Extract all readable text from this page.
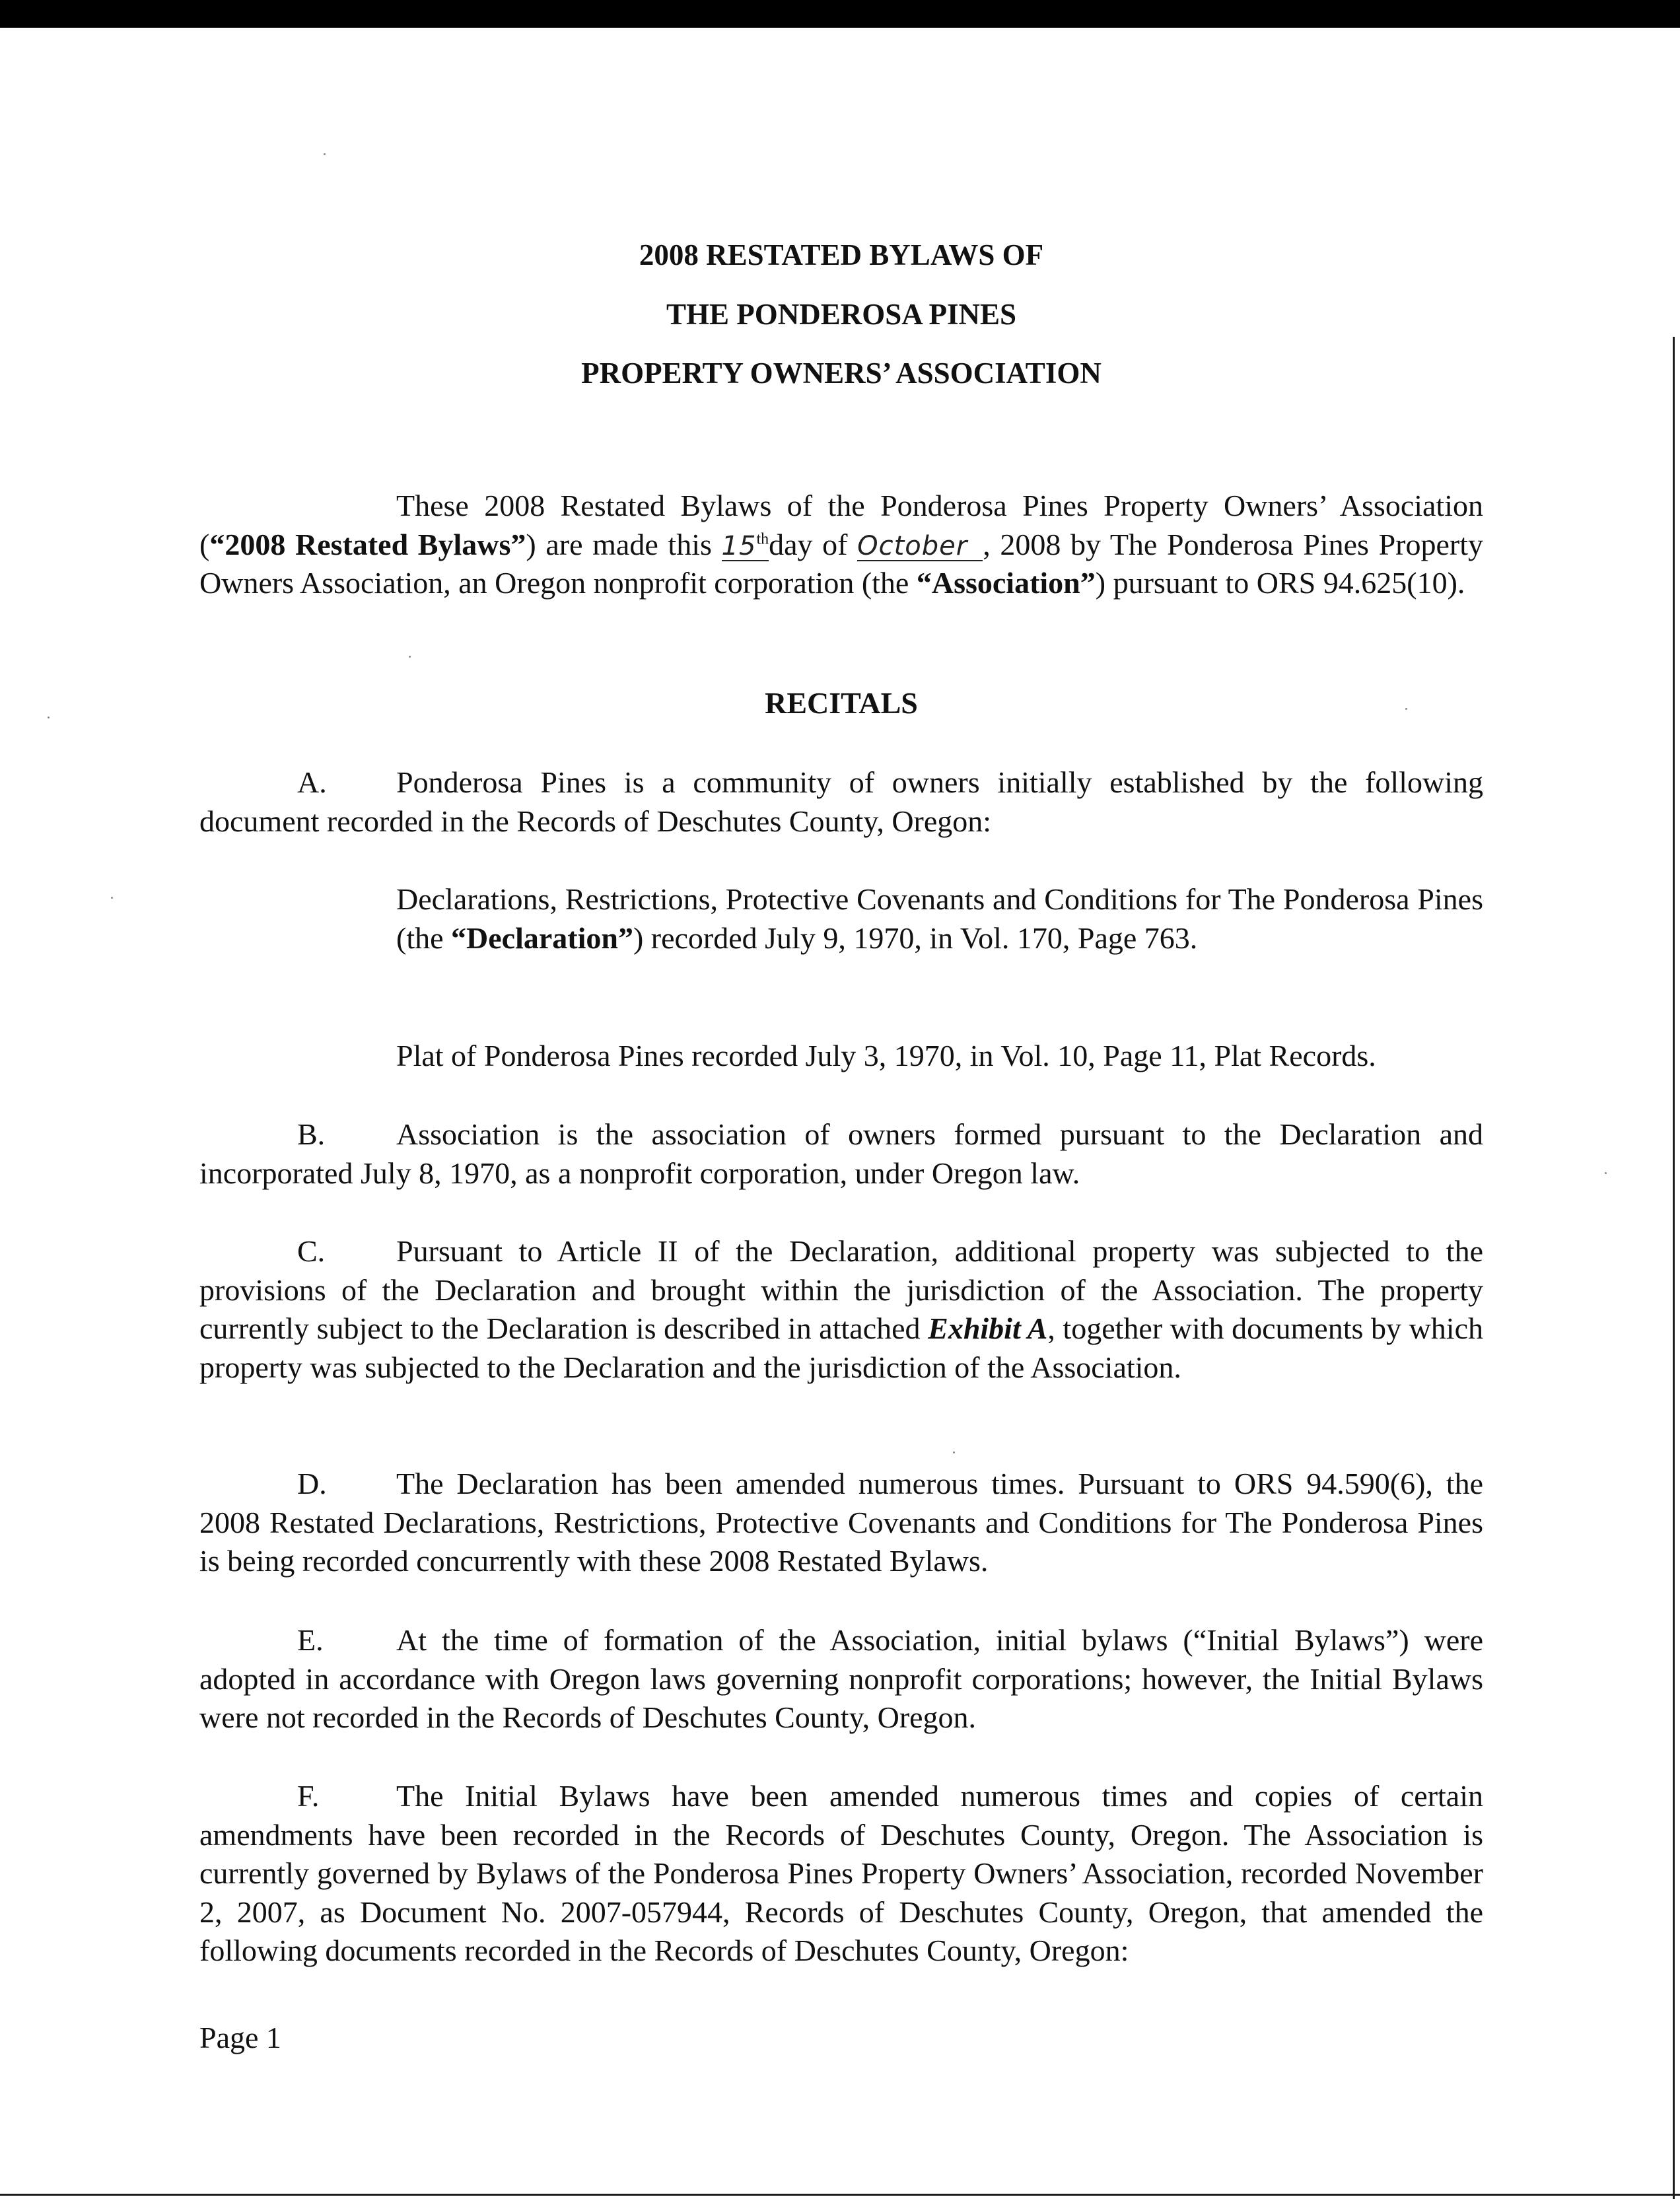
2008 RESTATED BYLAWS OF
THE PONDEROSA PINES
PROPERTY OWNERS’ ASSOCIATION

These 2008 Restated Bylaws of the Ponderosa Pines Property Owners’ Association (“2008 Restated Bylaws”) are made this 15thday of October , 2008 by The Ponderosa Pines Property Owners Association, an Oregon nonprofit corporation (the “Association”) pursuant to ORS 94.625(10).

RECITALS

A. Ponderosa Pines is a community of owners initially established by the following document recorded in the Records of Deschutes County, Oregon:

Declarations, Restrictions, Protective Covenants and Conditions for The Ponderosa Pines (the “Declaration”) recorded July 9, 1970, in Vol. 170, Page 763.

Plat of Ponderosa Pines recorded July 3, 1970, in Vol. 10, Page 11, Plat Records.

B. Association is the association of owners formed pursuant to the Declaration and incorporated July 8, 1970, as a nonprofit corporation, under Oregon law.

C. Pursuant to Article II of the Declaration, additional property was subjected to the provisions of the Declaration and brought within the jurisdiction of the Association. The property currently subject to the Declaration is described in attached Exhibit A, together with documents by which property was subjected to the Declaration and the jurisdiction of the Association.

D. The Declaration has been amended numerous times. Pursuant to ORS 94.590(6), the 2008 Restated Declarations, Restrictions, Protective Covenants and Conditions for The Ponderosa Pines is being recorded concurrently with these 2008 Restated Bylaws.

E. At the time of formation of the Association, initial bylaws (“Initial Bylaws”) were adopted in accordance with Oregon laws governing nonprofit corporations; however, the Initial Bylaws were not recorded in the Records of Deschutes County, Oregon.

F.	The Initial Bylaws have been amended numerous times and copies of certain amendments have been recorded in the Records of Deschutes County, Oregon. The Association is currently governed by Bylaws of the Ponderosa Pines Property Owners’ Association, recorded November 2, 2007, as Document No. 2007-057944, Records of Deschutes County, Oregon, that amended the following documents recorded in the Records of Deschutes County, Oregon:

Page 1
